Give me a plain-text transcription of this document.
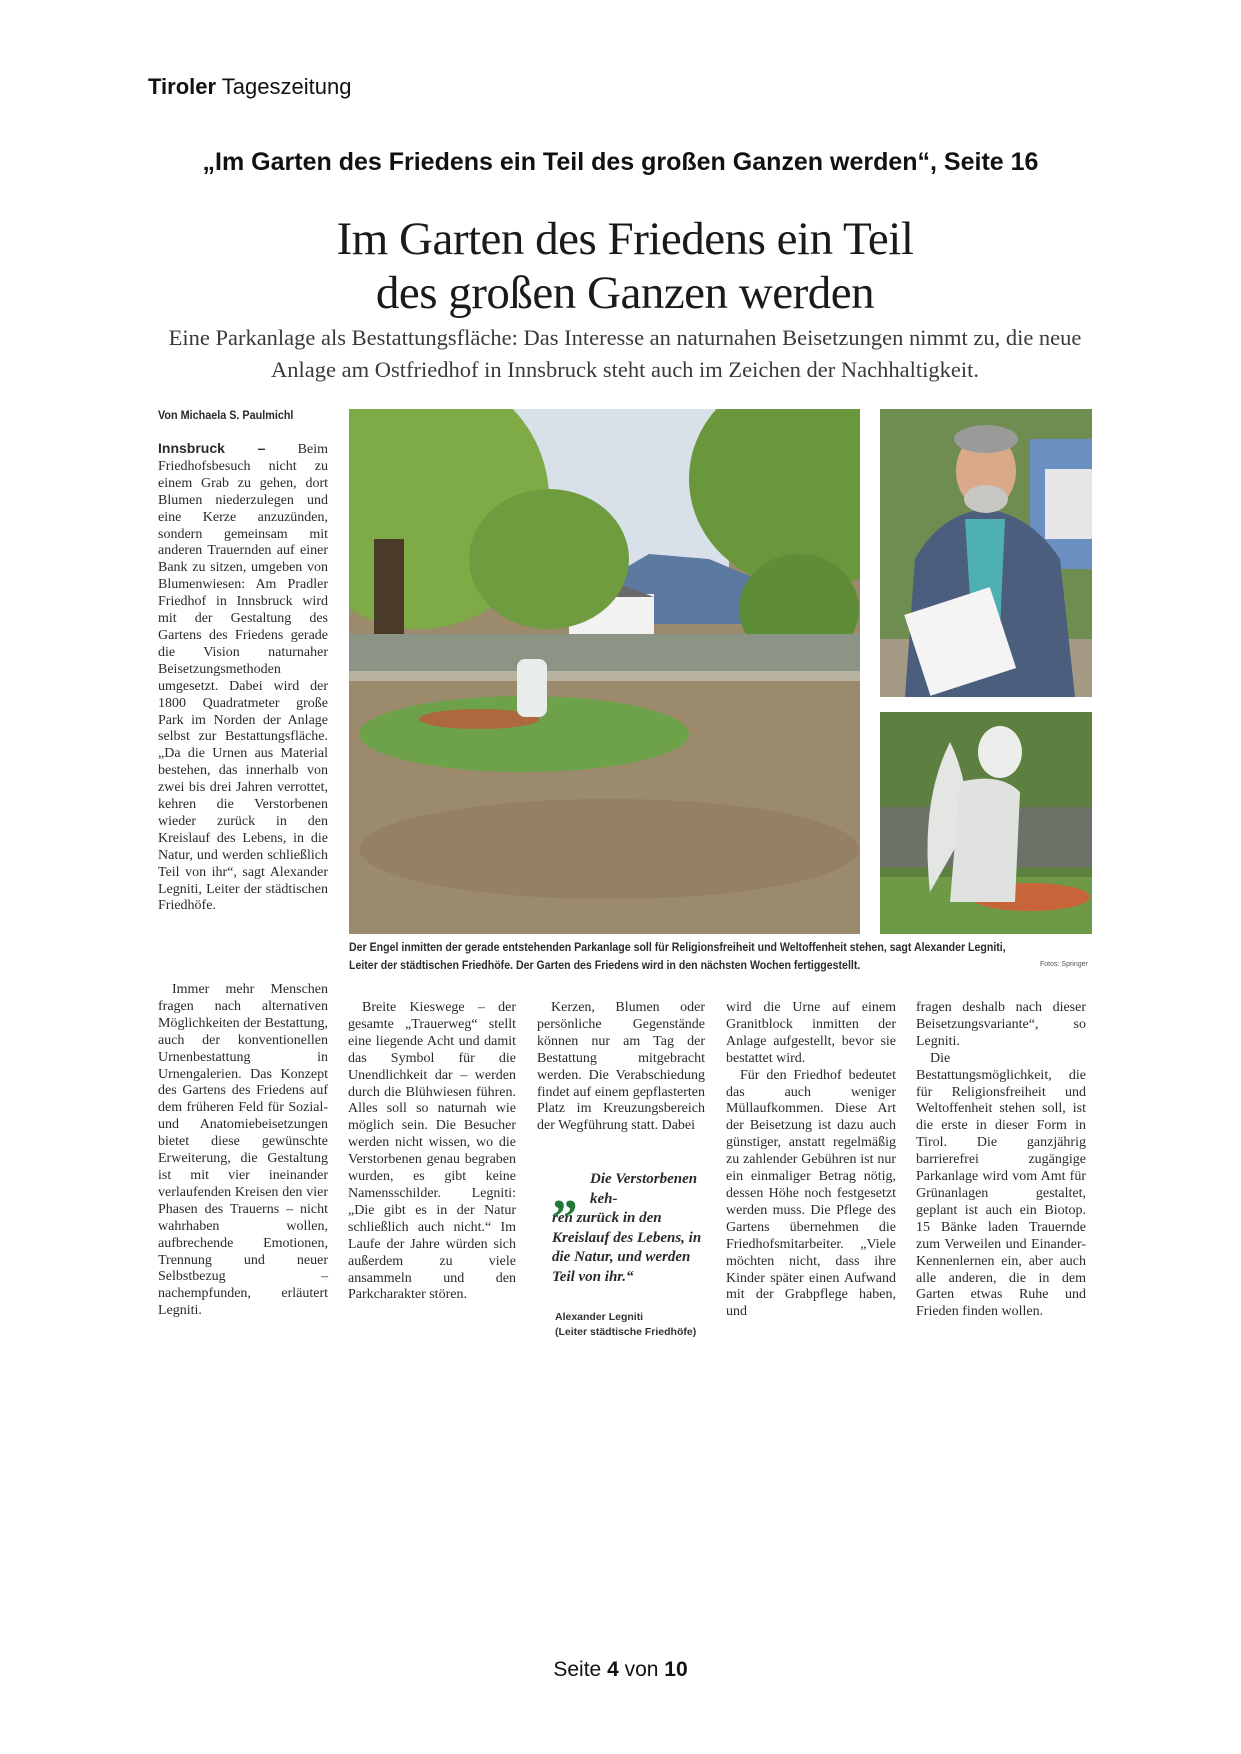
Tiroler Tageszeitung
„Im Garten des Friedens ein Teil des großen Ganzen werden“, Seite 16
Im Garten des Friedens ein Teil
des großen Ganzen werden
Eine Parkanlage als Bestattungsfläche: Das Interesse an naturnahen Beisetzungen nimmt zu, die neue Anlage am Ostfriedhof in Innsbruck steht auch im Zeichen der Nachhaltigkeit.
Von Michaela S. Paulmichl

Innsbruck – Beim Friedhofsbesuch nicht zu einem Grab zu gehen, dort Blumen niederzulegen und eine Kerze anzuzünden, sondern gemeinsam mit anderen Trauernden auf einer Bank zu sitzen, umgeben von Blumenwiesen: Am Pradler Friedhof in Innsbruck wird mit der Gestaltung des Gartens des Friedens gerade die Vision naturnaher Beisetzungsmethoden umgesetzt. Dabei wird der 1800 Quadratmeter große Park im Norden der Anlage selbst zur Bestattungsfläche. „Da die Urnen aus Material bestehen, das innerhalb von zwei bis drei Jahren verrottet, kehren die Verstorbenen wieder zurück in den Kreislauf des Lebens, in die Natur, und werden schließlich Teil von ihr“, sagt Alexander Legniti, Leiter der städtischen Friedhöfe.

Der Engel inmitten der gerade entstehenden Parkanlage soll für Religionsfreiheit und Weltoffenheit stehen, sagt Alexander Legniti, Leiter der städtischen Friedhöfe. Der Garten des Friedens wird in den nächsten Wochen fertiggestellt.	Fotos: Springer

Immer mehr Menschen fragen nach alternativen Möglichkeiten der Bestattung, auch der konventionellen Urnenbestattung in Urnengalerien. Das Konzept des Gartens des Friedens auf dem früheren Feld für Sozial- und Anatomiebeisetzungen bietet diese gewünschte Erweiterung, die Gestaltung ist mit vier ineinander verlaufenden Kreisen den vier Phasen des Trauerns – nicht wahrhaben wollen, aufbrechende Emotionen, Trennung und neuer Selbstbezug – nachempfunden, erläutert Legniti.

Breite Kieswege – der gesamte „Trauerweg“ stellt eine liegende Acht und damit das Symbol für die Unendlichkeit dar – werden durch die Blühwiesen führen. Alles soll so naturnah wie möglich sein. Die Besucher werden nicht wissen, wo die Verstorbenen genau begraben wurden, es gibt keine Namensschilder. Legniti: „Die gibt es in der Natur schließlich auch nicht.“ Im Laufe der Jahre würden sich außerdem zu viele ansammeln und den Parkcharakter stören.

Kerzen, Blumen oder persönliche Gegenstände können nur am Tag der Bestattung mitgebracht werden. Die Verabschiedung findet auf einem gepflasterten Platz im Kreuzungsbereich der Wegführung statt. Dabei

„ Die Verstorbenen keh-
ren zurück in den Kreislauf des Lebens, in die Natur, und werden Teil von ihr.“
Alexander Legniti
(Leiter städtische Friedhöfe)

wird die Urne auf einem Granitblock inmitten der Anlage aufgestellt, bevor sie bestattet wird.

Für den Friedhof bedeutet das auch weniger Müllaufkommen. Diese Art der Beisetzung ist dazu auch günstiger, anstatt regelmäßig zu zahlender Gebühren ist nur ein einmaliger Betrag nötig, dessen Höhe noch festgesetzt werden muss. Die Pflege des Gartens übernehmen die Friedhofsmitarbeiter. „Viele möchten nicht, dass ihre Kinder später einen Aufwand mit der Grabpflege haben, und

fragen deshalb nach dieser Beisetzungsvariante“, so Legniti.

Die Bestattungsmöglichkeit, die für Religionsfreiheit und Weltoffenheit stehen soll, ist die erste in dieser Form in Tirol. Die ganzjährig barrierefrei zugängige Parkanlage wird vom Amt für Grünanlagen gestaltet, geplant ist auch ein Biotop. 15 Bänke laden Trauernde zum Verweilen und Einander-Kennenlernen ein, aber auch alle anderen, die in dem Garten etwas Ruhe und Frieden finden wollen.

Seite 4 von 10
